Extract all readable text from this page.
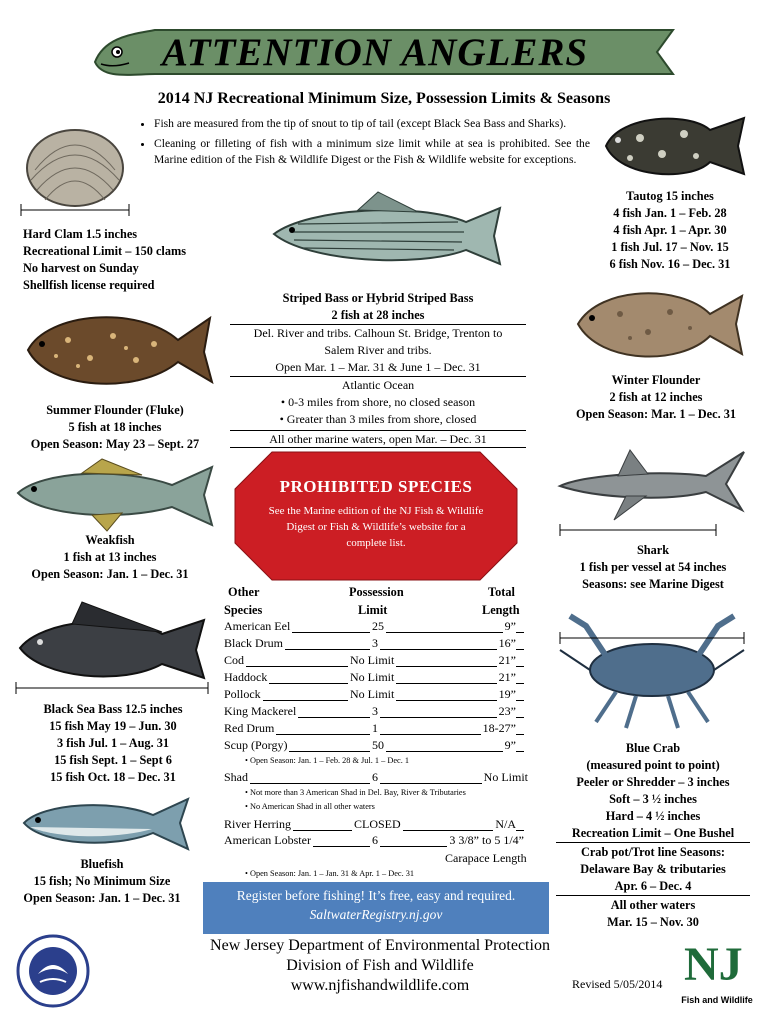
ATTENTION ANGLERS
2014 NJ Recreational Minimum Size, Possession Limits & Seasons
• Fish are measured from the tip of snout to tip of tail (except Black Sea Bass and Sharks).
• Cleaning or filleting of fish with a minimum size limit while at sea is prohibited. See the Marine edition of the Fish & Wildlife Digest or the Fish & Wildlife website for exceptions.
Hard Clam 1.5 inches
Recreational Limit – 150 clams
No harvest on Sunday
Shellfish license required
Summer Flounder (Fluke)
5 fish at 18 inches
Open Season: May 23 – Sept. 27
Weakfish
1 fish at 13 inches
Open Season: Jan. 1 – Dec. 31
Black Sea Bass 12.5 inches
15 fish May 19 – Jun. 30
3 fish Jul. 1 – Aug. 31
15 fish Sept. 1 – Sept 6
15 fish Oct. 18 – Dec. 31
Bluefish
15 fish; No Minimum Size
Open Season: Jan. 1 – Dec. 31
Striped Bass or Hybrid Striped Bass
2 fish at 28 inches
Del. River and tribs. Calhoun St. Bridge, Trenton to
Salem River and tribs.
Open Mar. 1 – Mar. 31 & June 1 – Dec. 31
Atlantic Ocean
• 0-3 miles from shore, no closed season
• Greater than 3 miles from shore, closed
All other marine waters, open Mar. – Dec. 31
PROHIBITED SPECIES
See the Marine edition of the NJ Fish & Wildlife Digest or Fish & Wildlife’s website for a complete list.
Other
Species
Possession
Limit
Total
Length
American Eel	25	9”
Black Drum	3	16”
Cod	No Limit	21”
Haddock	No Limit	21”
Pollock	No Limit	19”
King Mackerel	3	23”
Red Drum	1	18-27”
Scup (Porgy)	50	9”
Shad	6	No Limit
River Herring	CLOSED	N/A
American Lobster	6	3 3/8” to 5 1/4”
• Open Season: Jan. 1 – Feb. 28 & Jul. 1 – Dec. 1
• Not more than 3 American Shad in Del. Bay, River & Tributaries
• No American Shad in all other waters
Carapace Length
• Open Season: Jan. 1 – Jan. 31 & Apr. 1 – Dec. 31
Register before fishing! It’s free, easy and required.
SaltwaterRegistry.nj.gov
Tautog 15 inches
4 fish Jan. 1 – Feb. 28
4 fish Apr. 1 – Apr. 30
1 fish Jul. 17 – Nov. 15
6 fish Nov. 16 – Dec. 31
Winter Flounder
2 fish at 12 inches
Open Season: Mar. 1 – Dec. 31
Shark
1 fish per vessel at 54 inches
Seasons: see Marine Digest
Blue Crab
(measured point to point)
Peeler or Shredder – 3 inches
Soft – 3 ½ inches
Hard – 4 ½ inches
Recreation Limit – One Bushel
Crab pot/Trot line Seasons:
Delaware Bay & tributaries
Apr. 6 – Dec. 4
All other waters
Mar. 15 – Nov. 30
New Jersey Department of Environmental Protection
Division of Fish and Wildlife
www.njfishandwildlife.com	Revised 5/05/2014 NJ
Fish and Wildlife
